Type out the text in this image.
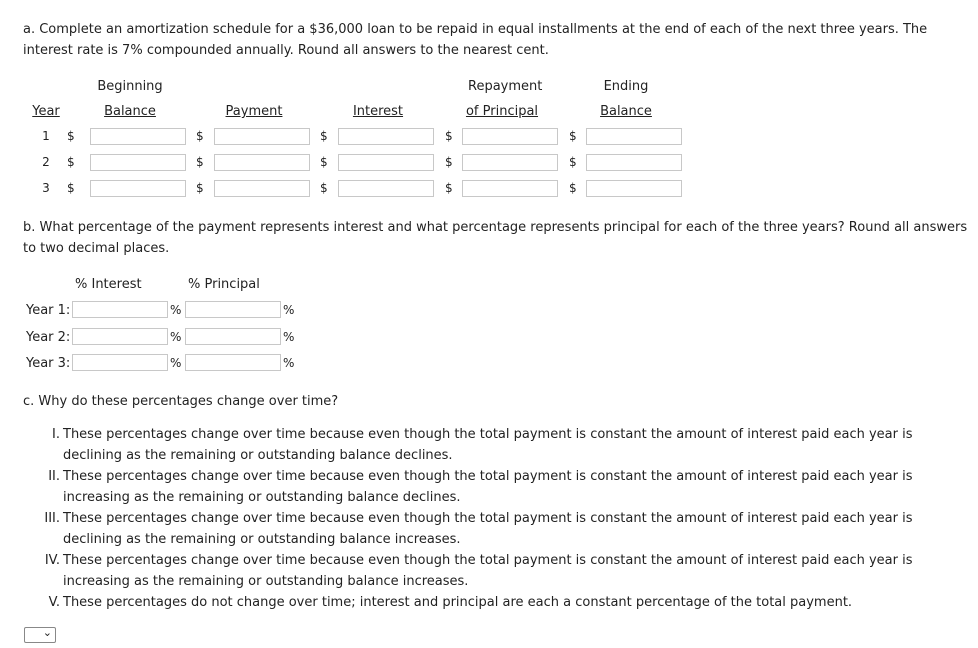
a. Complete an amortization schedule for a $36,000 loan to be repaid in equal installments at the end of each of the next three years. The interest rate is 7% compounded annually. Round all answers to the nearest cent.
Beginning	Repayment	Ending
Year	Balance	Payment	Interest	of Principal	Balance
1 $	$	$	$	$
2 $	$	$	$	$
3 $	$	$	$	$
b. What percentage of the payment represents interest and what percentage represents principal for each of the three years? Round all answers to two decimal places.
% Interest	% Principal
Year 1:	%	%
Year 2:	%	%
Year 3:	%	%
c. Why do these percentages change over time?
I. These percentages change over time because even though the total payment is constant the amount of interest paid each year is declining as the remaining or outstanding balance declines.
II. These percentages change over time because even though the total payment is constant the amount of interest paid each year is increasing as the remaining or outstanding balance declines.
III. These percentages change over time because even though the total payment is constant the amount of interest paid each year is declining as the remaining or outstanding balance increases.
IV. These percentages change over time because even though the total payment is constant the amount of interest paid each year is increasing as the remaining or outstanding balance increases.
V. These percentages do not change over time; interest and principal are each a constant percentage of the total payment.
⌄
